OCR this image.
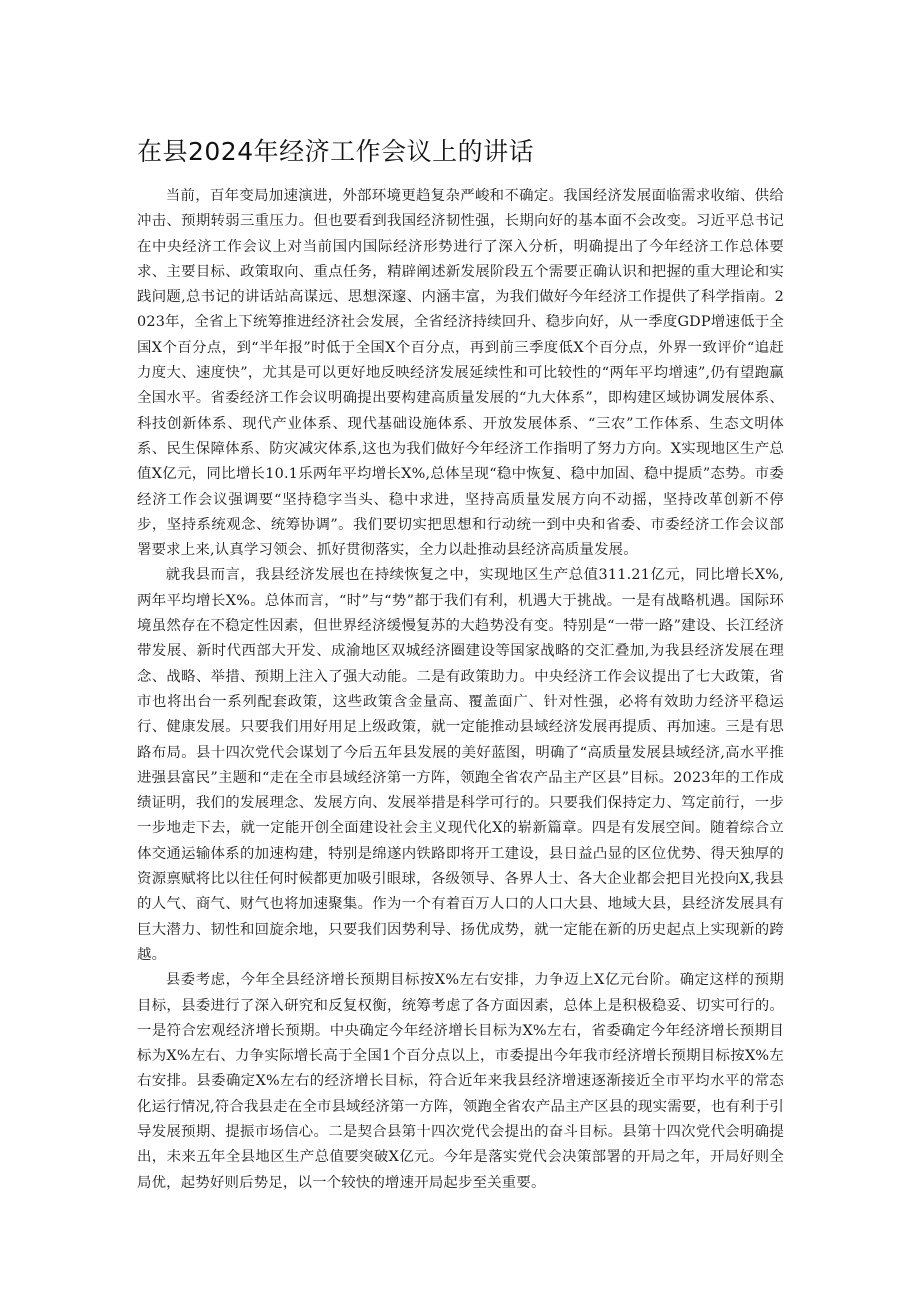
在县2024年经济工作会议上的讲话

当前，百年变局加速演进，外部环境更趋复杂严峻和不确定。我国经济发展面临需求收缩、供给冲击、预期转弱三重压力。但也要看到我国经济韧性强，长期向好的基本面不会改变。习近平总书记在中央经济工作会议上对当前国内国际经济形势进行了深入分析，明确提出了今年经济工作总体要求、主要目标、政策取向、重点任务，精辟阐述新发展阶段五个需要正确认识和把握的重大理论和实践问题,总书记的讲话站高谋远、思想深邃、内涵丰富，为我们做好今年经济工作提供了科学指南。2023年，全省上下统筹推进经济社会发展，全省经济持续回升、稳步向好，从一季度GDP增速低于全国X个百分点，到“半年报”时低于全国X个百分点，再到前三季度低X个百分点，外界一致评价“追赶力度大、速度快”，尤其是可以更好地反映经济发展延续性和可比较性的“两年平均增速”,仍有望跑赢全国水平。省委经济工作会议明确提出要构建高质量发展的“九大体系”，即构建区域协调发展体系、科技创新体系、现代产业体系、现代基础设施体系、开放发展体系、“三农”工作体系、生态文明体系、民生保障体系、防灾减灾体系,这也为我们做好今年经济工作指明了努力方向。X实现地区生产总值X亿元，同比增长10.1乐两年平均增长X%,总体呈现“稳中恢复、稳中加固、稳中提质”态势。市委经济工作会议强调要“坚持稳字当头、稳中求进，坚持高质量发展方向不动摇，坚持改革创新不停步，坚持系统观念、统筹协调”。我们要切实把思想和行动统一到中央和省委、市委经济工作会议部署要求上来,认真学习领会、抓好贯彻落实，全力以赴推动县经济高质量发展。

就我县而言，我县经济发展也在持续恢复之中，实现地区生产总值311.21亿元，同比增长X%,两年平均增长X%。总体而言，“时”与“势”都于我们有利，机遇大于挑战。一是有战略机遇。国际环境虽然存在不稳定性因素，但世界经济缓慢复苏的大趋势没有变。特别是“一带一路”建设、长江经济带发展、新时代西部大开发、成渝地区双城经济圈建设等国家战略的交汇叠加,为我县经济发展在理念、战略、举措、预期上注入了强大动能。二是有政策助力。中央经济工作会议提出了七大政策，省市也将出台一系列配套政策，这些政策含金量高、覆盖面广、针对性强，必将有效助力经济平稳运行、健康发展。只要我们用好用足上级政策，就一定能推动县域经济发展再提质、再加速。三是有思路布局。县十四次党代会谋划了今后五年县发展的美好蓝图，明确了“高质量发展县域经济,高水平推进强县富民”主题和“走在全市县域经济第一方阵，领跑全省农产品主产区县”目标。2023年的工作成绩证明，我们的发展理念、发展方向、发展举措是科学可行的。只要我们保持定力、笃定前行，一步一步地走下去，就一定能开创全面建设社会主义现代化X的崭新篇章。四是有发展空间。随着综合立体交通运输体系的加速构建，特别是绵遂内铁路即将开工建设，县日益凸显的区位优势、得天独厚的资源禀赋将比以往任何时候都更加吸引眼球，各级领导、各界人士、各大企业都会把目光投向X,我县的人气、商气、财气也将加速聚集。作为一个有着百万人口的人口大县、地域大县，县经济发展具有巨大潜力、韧性和回旋余地，只要我们因势利导、扬优成势，就一定能在新的历史起点上实现新的跨越。

县委考虑，今年全县经济增长预期目标按X%左右安排，力争迈上X亿元台阶。确定这样的预期目标，县委进行了深入研究和反复权衡，统筹考虑了各方面因素，总体上是积极稳妥、切实可行的。一是符合宏观经济增长预期。中央确定今年经济增长目标为X%左右，省委确定今年经济增长预期目标为X%左右、力争实际增长高于全国1个百分点以上，市委提出今年我市经济增长预期目标按X%左右安排。县委确定X%左右的经济增长目标，符合近年来我县经济增速逐渐接近全市平均水平的常态化运行情况,符合我县走在全市县域经济第一方阵，领跑全省农产品主产区县的现实需要，也有利于引导发展预期、提振市场信心。二是契合县第十四次党代会提出的奋斗目标。县第十四次党代会明确提出，未来五年全县地区生产总值要突破X亿元。今年是落实党代会决策部署的开局之年，开局好则全局优，起势好则后势足，以一个较快的增速开局起步至关重要。
